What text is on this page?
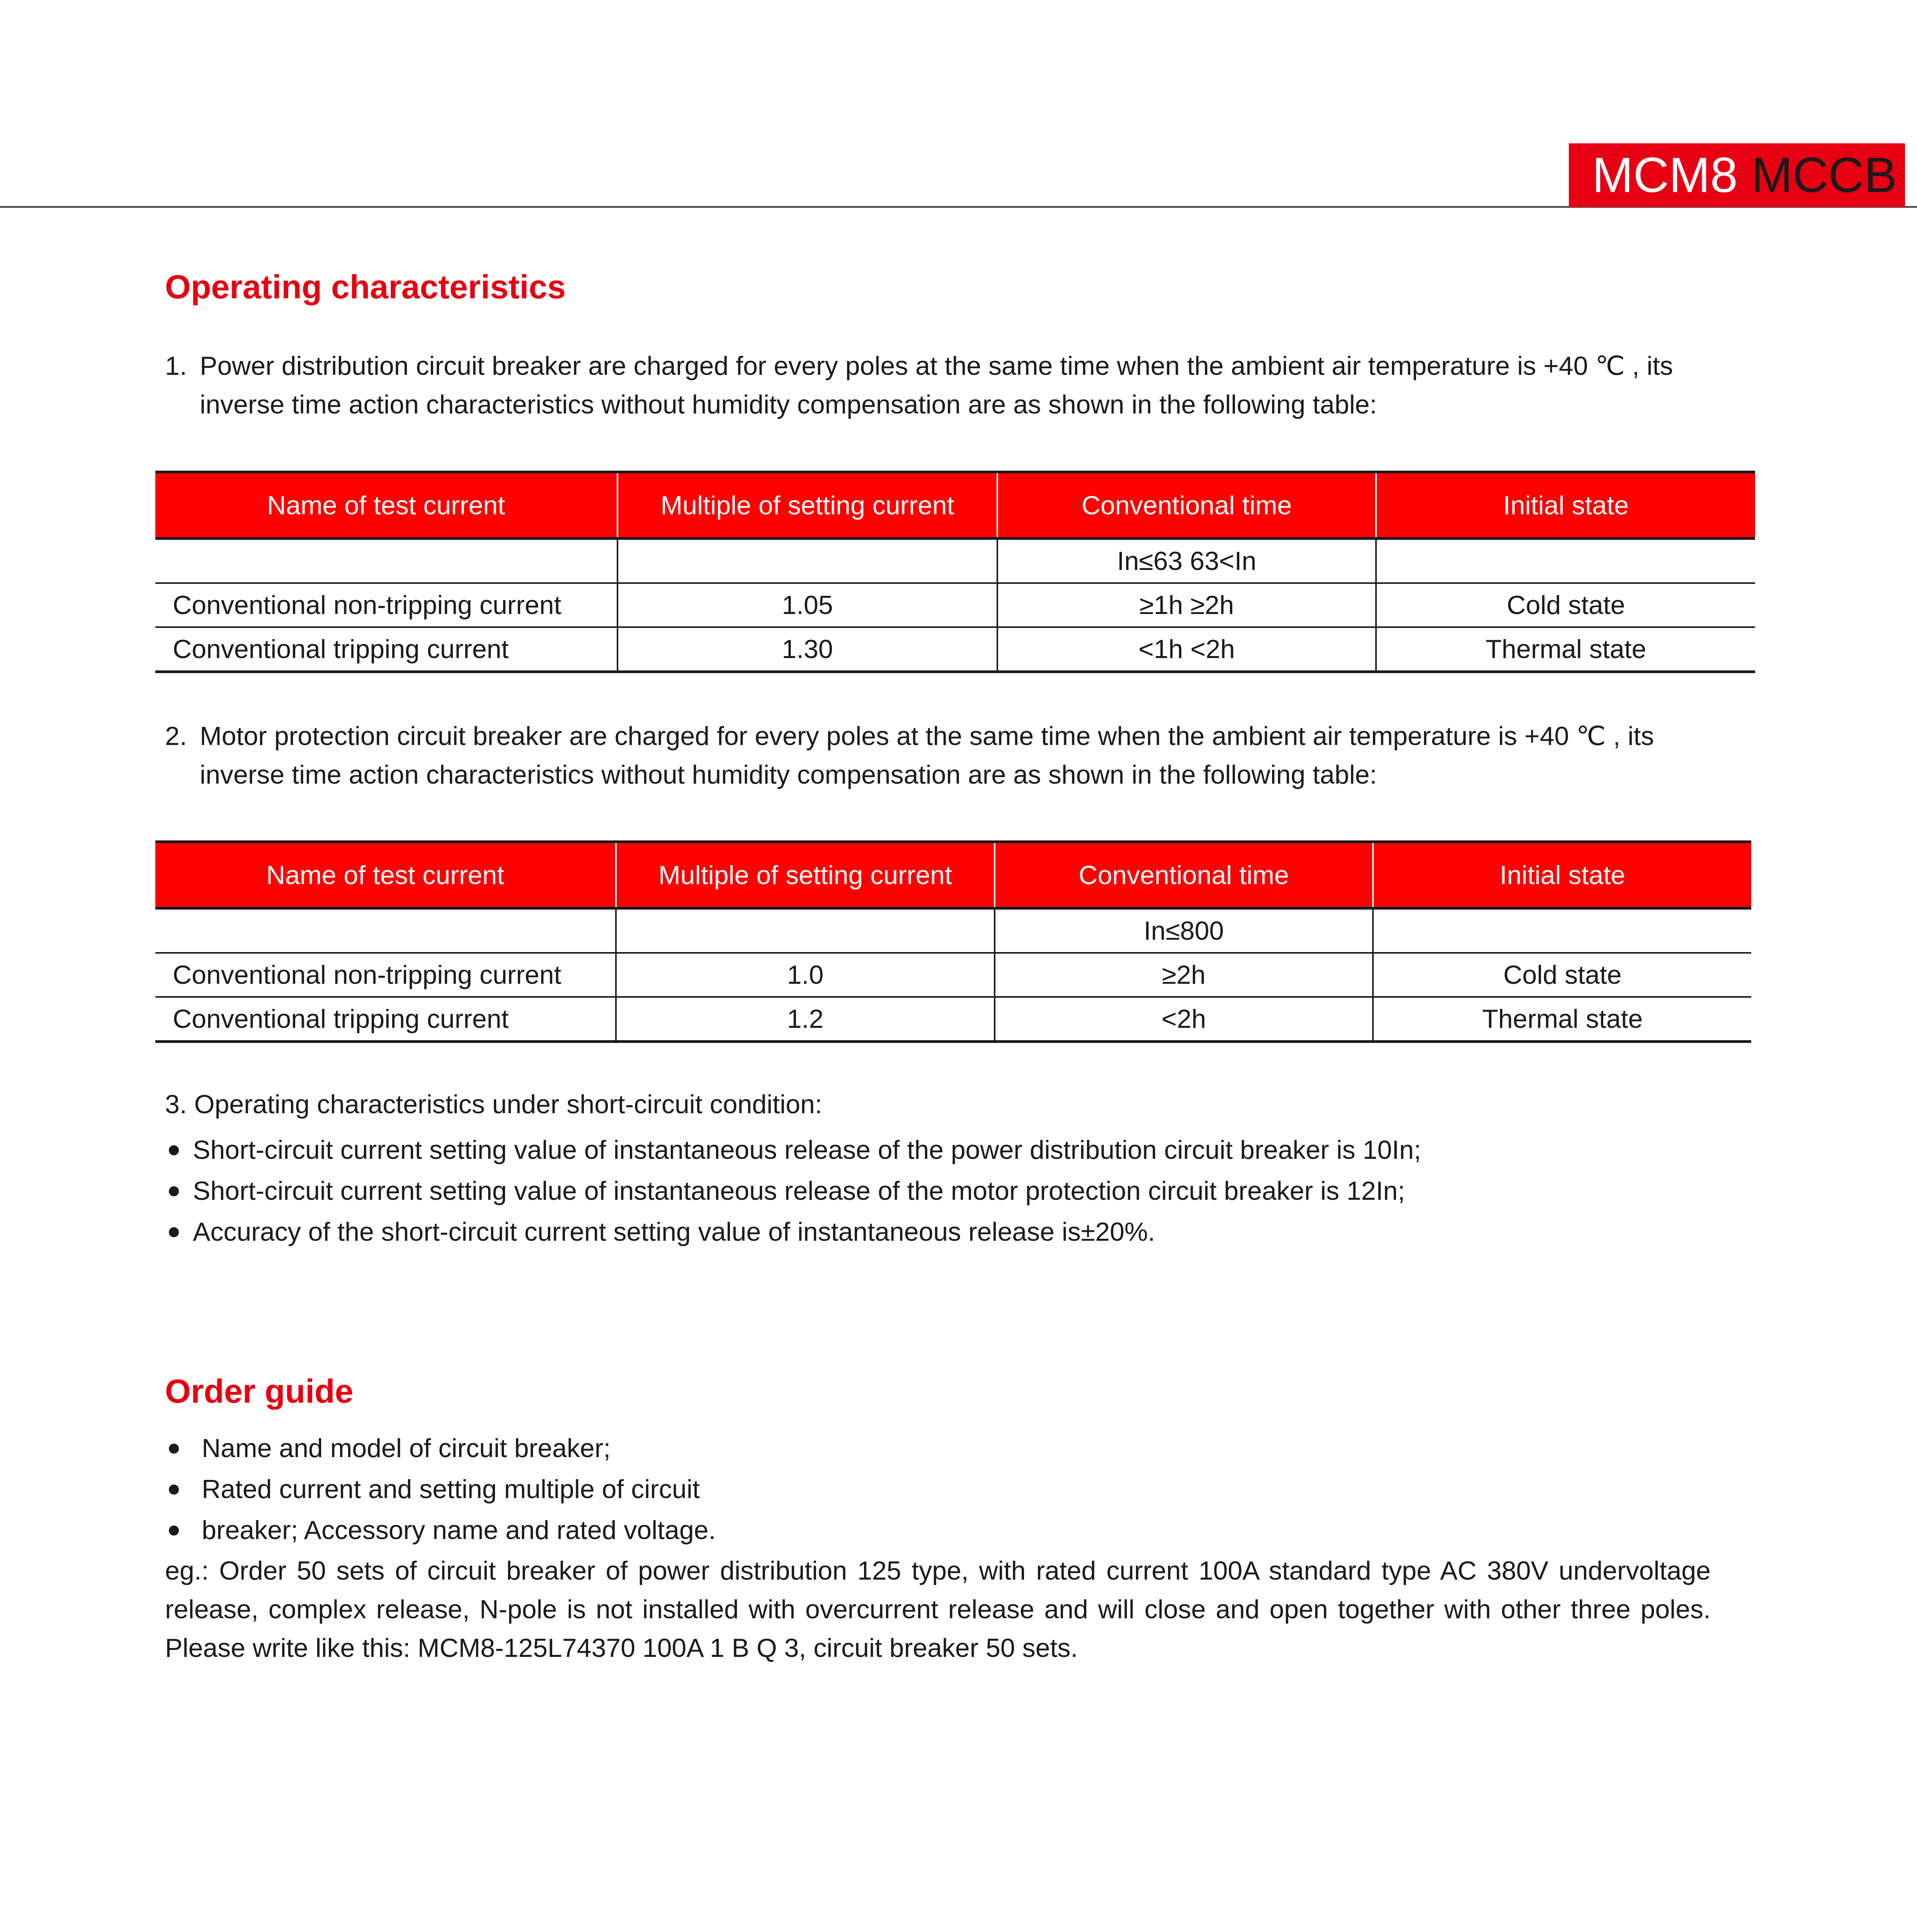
MCM8 MCCB
Operating characteristics
1. Power distribution circuit breaker are charged for every poles at the same time when the ambient air temperature is +40 ℃ , its inverse time action characteristics without humidity compensation are as shown in the following table:
Name of test current	Multiple of setting current	Conventional time	Initial state
		In≤63 63<In	
Conventional non-tripping current	1.05	≥1h ≥2h	Cold state
Conventional tripping current	1.30	<1h <2h	Thermal state
2. Motor protection circuit breaker are charged for every poles at the same time when the ambient air temperature is +40 ℃ , its inverse time action characteristics without humidity compensation are as shown in the following table:
Name of test current	Multiple of setting current	Conventional time	Initial state
		In≤800	
Conventional non-tripping current	1.0	≥2h	Cold state
Conventional tripping current	1.2	<2h	Thermal state
3. Operating characteristics under short-circuit condition:
Short-circuit current setting value of instantaneous release of the power distribution circuit breaker is 10In;
Short-circuit current setting value of instantaneous release of the motor protection circuit breaker is 12In;
Accuracy of the short-circuit current setting value of instantaneous release is±20%.
Order guide
Name and model of circuit breaker;
Rated current and setting multiple of circuit
breaker; Accessory name and rated voltage.
eg.: Order 50 sets of circuit breaker of power distribution 125 type, with rated current 100A standard type AC 380V undervoltage release, complex release, N-pole is not installed with overcurrent release and will close and open together with other three poles. Please write like this: MCM8-125L74370 100A 1 B Q 3, circuit breaker 50 sets.
